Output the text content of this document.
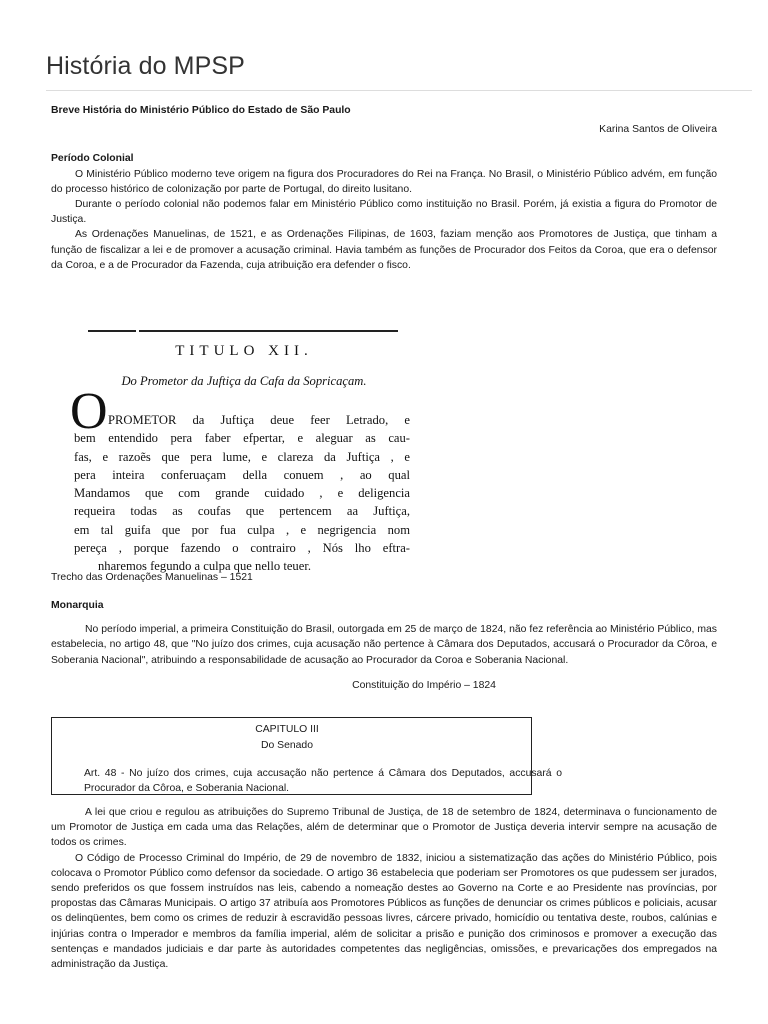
História do MPSP

Breve História do Ministério Público do Estado de São Paulo

Karina Santos de Oliveira

Período Colonial

O Ministério Público moderno teve origem na figura dos Procuradores do Rei na França. No Brasil, o Ministério Público advém, em função do processo histórico de colonização por parte de Portugal, do direito lusitano.

Durante o período colonial não podemos falar em Ministério Público como instituição no Brasil. Porém, já existia a figura do Promotor de Justiça.

As Ordenações Manuelinas, de 1521, e as Ordenações Filipinas, de 1603, faziam menção aos Promotores de Justiça, que tinham a função de fiscalizar a lei e de promover a acusação criminal. Havia também as funções de Procurador dos Feitos da Coroa, que era o defensor da Coroa, e a de Procurador da Fazenda, cuja atribuição era defender o fisco.

TITULO XII.
Do Prometor da Juftiça da Cafa da Sopricaçam.
O PROMETOR da Juftiça deue feer Letrado, e
bem entendido pera faber efpertar, e aleguar as cau-
fas, e razoẽs que pera lume, e clareza da Juftiça , e
pera inteira conferuaçam della conuem , ao qual
Mandamos que com grande cuidado , e deligencia
requeira todas as coufas que pertencem aa Juftiça,
em tal guifa que por fua culpa , e negrigencia nom
pereça , porque fazendo o contrairo , Nós lho eftra-
nharemos fegundo a culpa que nello teuer.
Trecho das Ordenações Manuelinas – 1521

Monarquia

No período imperial, a primeira Constituição do Brasil, outorgada em 25 de março de 1824, não fez referência ao Ministério Público, mas estabelecia, no artigo 48, que "No juízo dos crimes, cuja acusação não pertence à Câmara dos Deputados, accusará o Procurador da Côroa, e Soberania Nacional", atribuindo a responsabilidade de acusação ao Procurador da Coroa e Soberania Nacional.

Constituição do Império – 1824

CAPITULO III
Do Senado

Art. 48 - No juízo dos crimes, cuja accusação não pertence á Câmara dos Deputados, accusará o Procurador da Côroa, e Soberania Nacional.

A lei que criou e regulou as atribuições do Supremo Tribunal de Justiça, de 18 de setembro de 1824, determinava o funcionamento de um Promotor de Justiça em cada uma das Relações, além de determinar que o Promotor de Justiça deveria intervir sempre na acusação de todos os crimes.

O Código de Processo Criminal do Império, de 29 de novembro de 1832, iniciou a sistematização das ações do Ministério Público, pois colocava o Promotor Público como defensor da sociedade. O artigo 36 estabelecia que poderiam ser Promotores os que pudessem ser jurados, sendo preferidos os que fossem instruídos nas leis, cabendo a nomeação destes ao Governo na Corte e ao Presidente nas províncias, por propostas das Câmaras Municipais. O artigo 37 atribuía aos Promotores Públicos as funções de denunciar os crimes públicos e policiais, acusar os delinqüentes, bem como os crimes de reduzir à escravidão pessoas livres, cárcere privado, homicídio ou tentativa deste, roubos, calúnias e injúrias contra o Imperador e membros da família imperial, além de solicitar a prisão e punição dos criminosos e promover a execução das sentenças e mandados judiciais e dar parte às autoridades competentes das negligências, omissões, e prevaricações dos empregados na administração da Justiça.
